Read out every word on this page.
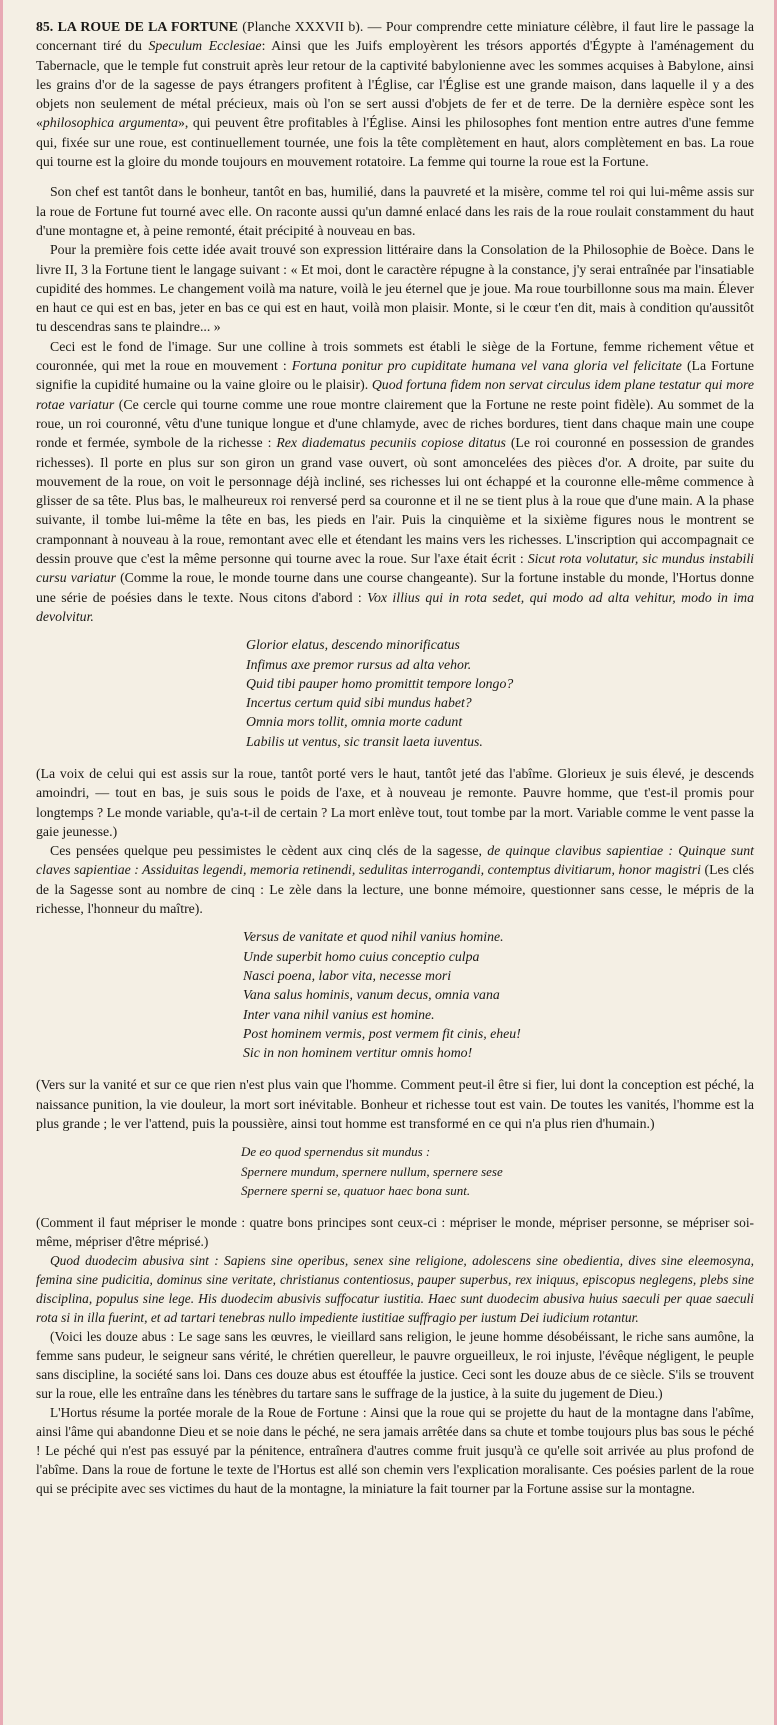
85. LA ROUE DE LA FORTUNE (Planche XXXVII b). — Pour comprendre cette miniature célèbre, il faut lire le passage la concernant tiré du Speculum Ecclesiae: Ainsi que les Juifs employèrent les trésors apportés d'Égypte à l'aménagement du Tabernacle, que le temple fut construit après leur retour de la captivité babylonienne avec les sommes acquises à Babylone, ainsi les grains d'or de la sagesse de pays étrangers profitent à l'Église, car l'Église est une grande maison, dans laquelle il y a des objets non seulement de métal précieux, mais où l'on se sert aussi d'objets de fer et de terre. De la dernière espèce sont les «philosophica argumenta», qui peuvent être profitables à l'Église. Ainsi les philosophes font mention entre autres d'une femme qui, fixée sur une roue, est continuellement tournée, une fois la tête complètement en haut, alors complètement en bas. La roue qui tourne est la gloire du monde toujours en mouvement rotatoire. La femme qui tourne la roue est la Fortune.

Son chef est tantôt dans le bonheur, tantôt en bas, humilié, dans la pauvreté et la misère, comme tel roi qui lui-même assis sur la roue de Fortune fut tourné avec elle. On raconte aussi qu'un damné enlacé dans les rais de la roue roulait constamment du haut d'une montagne et, à peine remonté, était précipité à nouveau en bas.

Pour la première fois cette idée avait trouvé son expression littéraire dans la Consolation de la Philosophie de Boèce. Dans le livre II, 3 la Fortune tient le langage suivant : « Et moi, dont le caractère répugne à la constance, j'y serai entraînée par l'insatiable cupidité des hommes. Le changement voilà ma nature, voilà le jeu éternel que je joue. Ma roue tourbillonne sous ma main. Élever en haut ce qui est en bas, jeter en bas ce qui est en haut, voilà mon plaisir. Monte, si le cœur t'en dit, mais à condition qu'aussitôt tu descendras sans te plaindre... »

Ceci est le fond de l'image. Sur une colline à trois sommets est établi le siège de la Fortune, femme richement vêtue et couronnée, qui met la roue en mouvement : Fortuna ponitur pro cupiditate humana vel vana gloria vel felicitate (La Fortune signifie la cupidité humaine ou la vaine gloire ou le plaisir). Quod fortuna fidem non servat circulus idem plane testatur qui more rotae variatur (Ce cercle qui tourne comme une roue montre clairement que la Fortune ne reste point fidèle). Au sommet de la roue, un roi couronné, vêtu d'une tunique longue et d'une chlamyde, avec de riches bordures, tient dans chaque main une coupe ronde et fermée, symbole de la richesse : Rex diadematus pecuniis copiose ditatus (Le roi couronné en possession de grandes richesses). Il porte en plus sur son giron un grand vase ouvert, où sont amoncelées des pièces d'or. A droite, par suite du mouvement de la roue, on voit le personnage déjà incliné, ses richesses lui ont échappé et la couronne elle-même commence à glisser de sa tête. Plus bas, le malheureux roi renversé perd sa couronne et il ne se tient plus à la roue que d'une main. A la phase suivante, il tombe lui-même la tête en bas, les pieds en l'air. Puis la cinquième et la sixième figures nous le montrent se cramponnant à nouveau à la roue, remontant avec elle et étendant les mains vers les richesses. L'inscription qui accompagnait ce dessin prouve que c'est la même personne qui tourne avec la roue. Sur l'axe était écrit : Sicut rota volutatur, sic mundus instabili cursu variatur (Comme la roue, le monde tourne dans une course changeante). Sur la fortune instable du monde, l'Hortus donne une série de poésies dans le texte. Nous citons d'abord : Vox illius qui in rota sedet, qui modo ad alta vehitur, modo in ima devolvitur.

Glorior elatus, descendo minorificatus
Infimus axe premor rursus ad alta vehor.
Quid tibi pauper homo promittit tempore longo?
Incertus certum quid sibi mundus habet?
Omnia mors tollit, omnia morte cadunt
Labilis ut ventus, sic transit laeta iuventus.

(La voix de celui qui est assis sur la roue, tantôt porté vers le haut, tantôt jeté das l'abîme. Glorieux je suis élevé, je descends amoindri, — tout en bas, je suis sous le poids de l'axe, et à nouveau je remonte. Pauvre homme, que t'est-il promis pour longtemps ? Le monde variable, qu'a-t-il de certain ? La mort enlève tout, tout tombe par la mort. Variable comme le vent passe la gaie jeunesse.)

Ces pensées quelque peu pessimistes le cèdent aux cinq clés de la sagesse, de quinque clavibus sapientiae : Quinque sunt claves sapientiae : Assiduitas legendi, memoria retinendi, sedulitas interrogandi, contemptus divitiarum, honor magistri (Les clés de la Sagesse sont au nombre de cinq : Le zèle dans la lecture, une bonne mémoire, questionner sans cesse, le mépris de la richesse, l'honneur du maître).

Versus de vanitate et quod nihil vanius homine.
Unde superbit homo cuius conceptio culpa
Nasci poena, labor vita, necesse mori
Vana salus hominis, vanum decus, omnia vana
Inter vana nihil vanius est homine.
Post hominem vermis, post vermem fit cinis, eheu!
Sic in non hominem vertitur omnis homo!

(Vers sur la vanité et sur ce que rien n'est plus vain que l'homme. Comment peut-il être si fier, lui dont la conception est péché, la naissance punition, la vie douleur, la mort sort inévitable. Bonheur et richesse tout est vain. De toutes les vanités, l'homme est la plus grande ; le ver l'attend, puis la poussière, ainsi tout homme est transformé en ce qui n'a plus rien d'humain.)

De eo quod spernendus sit mundus :
Spernere mundum, spernere nullum, spernere sese
Spernere sperni se, quatuor haec bona sunt.

(Comment il faut mépriser le monde : quatre bons principes sont ceux-ci : mépriser le monde, mépriser personne, se mépriser soi-même, mépriser d'être méprisé.)

Quod duodecim abusiva sint : Sapiens sine operibus, senex sine religione, adolescens sine obedientia, dives sine eleemosyna, femina sine pudicitia, dominus sine veritate, christianus contentiosus, pauper superbus, rex iniquus, episcopus neglegens, plebs sine disciplina, populus sine lege. His duodecim abusivis suffocatur iustitia. Haec sunt duodecim abusiva huius saeculi per quae saeculi rota si in illa fuerint, et ad tartari tenebras nullo impediente iustitiae suffragio per iustum Dei iudicium rotantur.

(Voici les douze abus : Le sage sans les œuvres, le vieillard sans religion, le jeune homme désobéissant, le riche sans aumône, la femme sans pudeur, le seigneur sans vérité, le chrétien querelleur, le pauvre orgueilleux, le roi injuste, l'évêque négligent, le peuple sans discipline, la société sans loi. Dans ces douze abus est étouffée la justice. Ceci sont les douze abus de ce siècle. S'ils se trouvent sur la roue, elle les entraîne dans les ténèbres du tartare sans le suffrage de la justice, à la suite du jugement de Dieu.)

L'Hortus résume la portée morale de la Roue de Fortune : Ainsi que la roue qui se projette du haut de la montagne dans l'abîme, ainsi l'âme qui abandonne Dieu et se noie dans le péché, ne sera jamais arrêtée dans sa chute et tombe toujours plus bas sous le péché ! Le péché qui n'est pas essuyé par la pénitence, entraînera d'autres comme fruit jusqu'à ce qu'elle soit arrivée au plus profond de l'abîme. Dans la roue de fortune le texte de l'Hortus est allé son chemin vers l'explication moralisante. Ces poésies parlent de la roue qui se précipite avec ses victimes du haut de la montagne, la miniature la fait tourner par la Fortune assise sur la montagne.
